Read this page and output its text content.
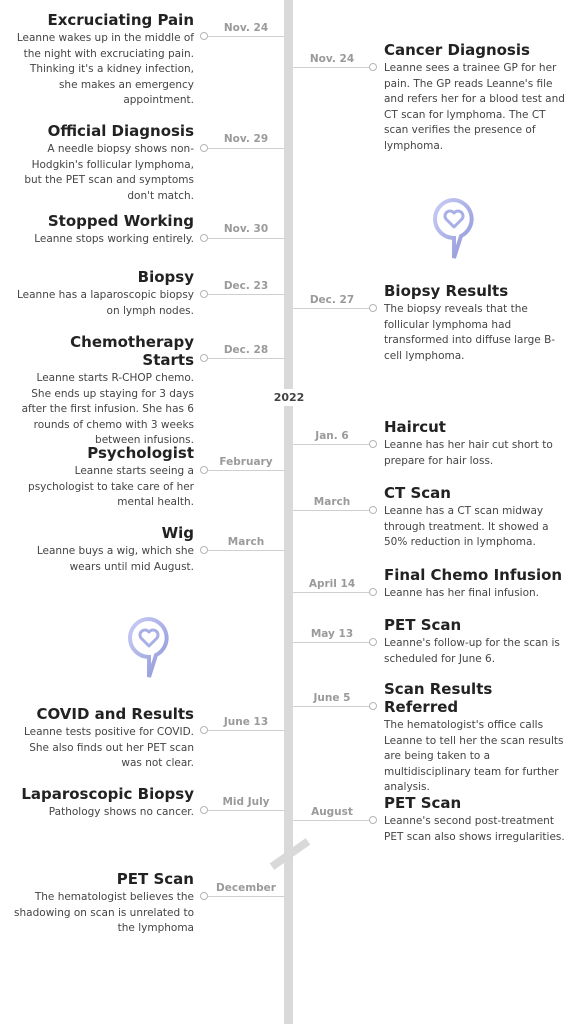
2022
Excruciating Pain

Leanne wakes up in the middle of the night with excruciating pain. Thinking it's a kidney infection, she makes an emergency appointment.

Nov. 24
Official Diagnosis

A needle biopsy shows non-Hodgkin's follicular lymphoma, but the PET scan and symptoms don't match.

Nov. 29
Stopped Working

Leanne stops working entirely.

Nov. 30
Biopsy

Leanne has a laparoscopic biopsy on lymph nodes.

Dec. 23
Chemotherapy Starts

Leanne starts R-CHOP chemo. She ends up staying for 3 days after the first infusion. She has 6 rounds of chemo with 3 weeks between infusions.

Dec. 28
Psychologist

Leanne starts seeing a psychologist to take care of her mental health.

February
Wig

Leanne buys a wig, which she wears until mid August.

March
COVID and Results

Leanne tests positive for COVID. She also finds out her PET scan was not clear.

June 13
Laparoscopic Biopsy

Pathology shows no cancer.

Mid July
PET Scan

The hematologist believes the shadowing on scan is unrelated to the lymphoma

December
Cancer Diagnosis

Leanne sees a trainee GP for her pain. The GP reads Leanne's file and refers her for a blood test and CT scan for lymphoma. The CT scan verifies the presence of lymphoma.

Nov. 24
Biopsy Results

The biopsy reveals that the follicular lymphoma had transformed into diffuse large B-cell lymphoma.

Dec. 27
Haircut

Leanne has her hair cut short to prepare for hair loss.

Jan. 6
CT Scan

Leanne has a CT scan midway through treatment. It showed a 50% reduction in lymphoma.

March
Final Chemo Infusion

Leanne has her final infusion.

April 14
PET Scan

Leanne's follow-up for the scan is scheduled for June 6.

May 13
Scan Results Referred

The hematologist's office calls Leanne to tell her the scan results are being taken to a multidisciplinary team for further analysis.

June 5
PET Scan

Leanne's second post-treatment PET scan also shows irregularities.

August
